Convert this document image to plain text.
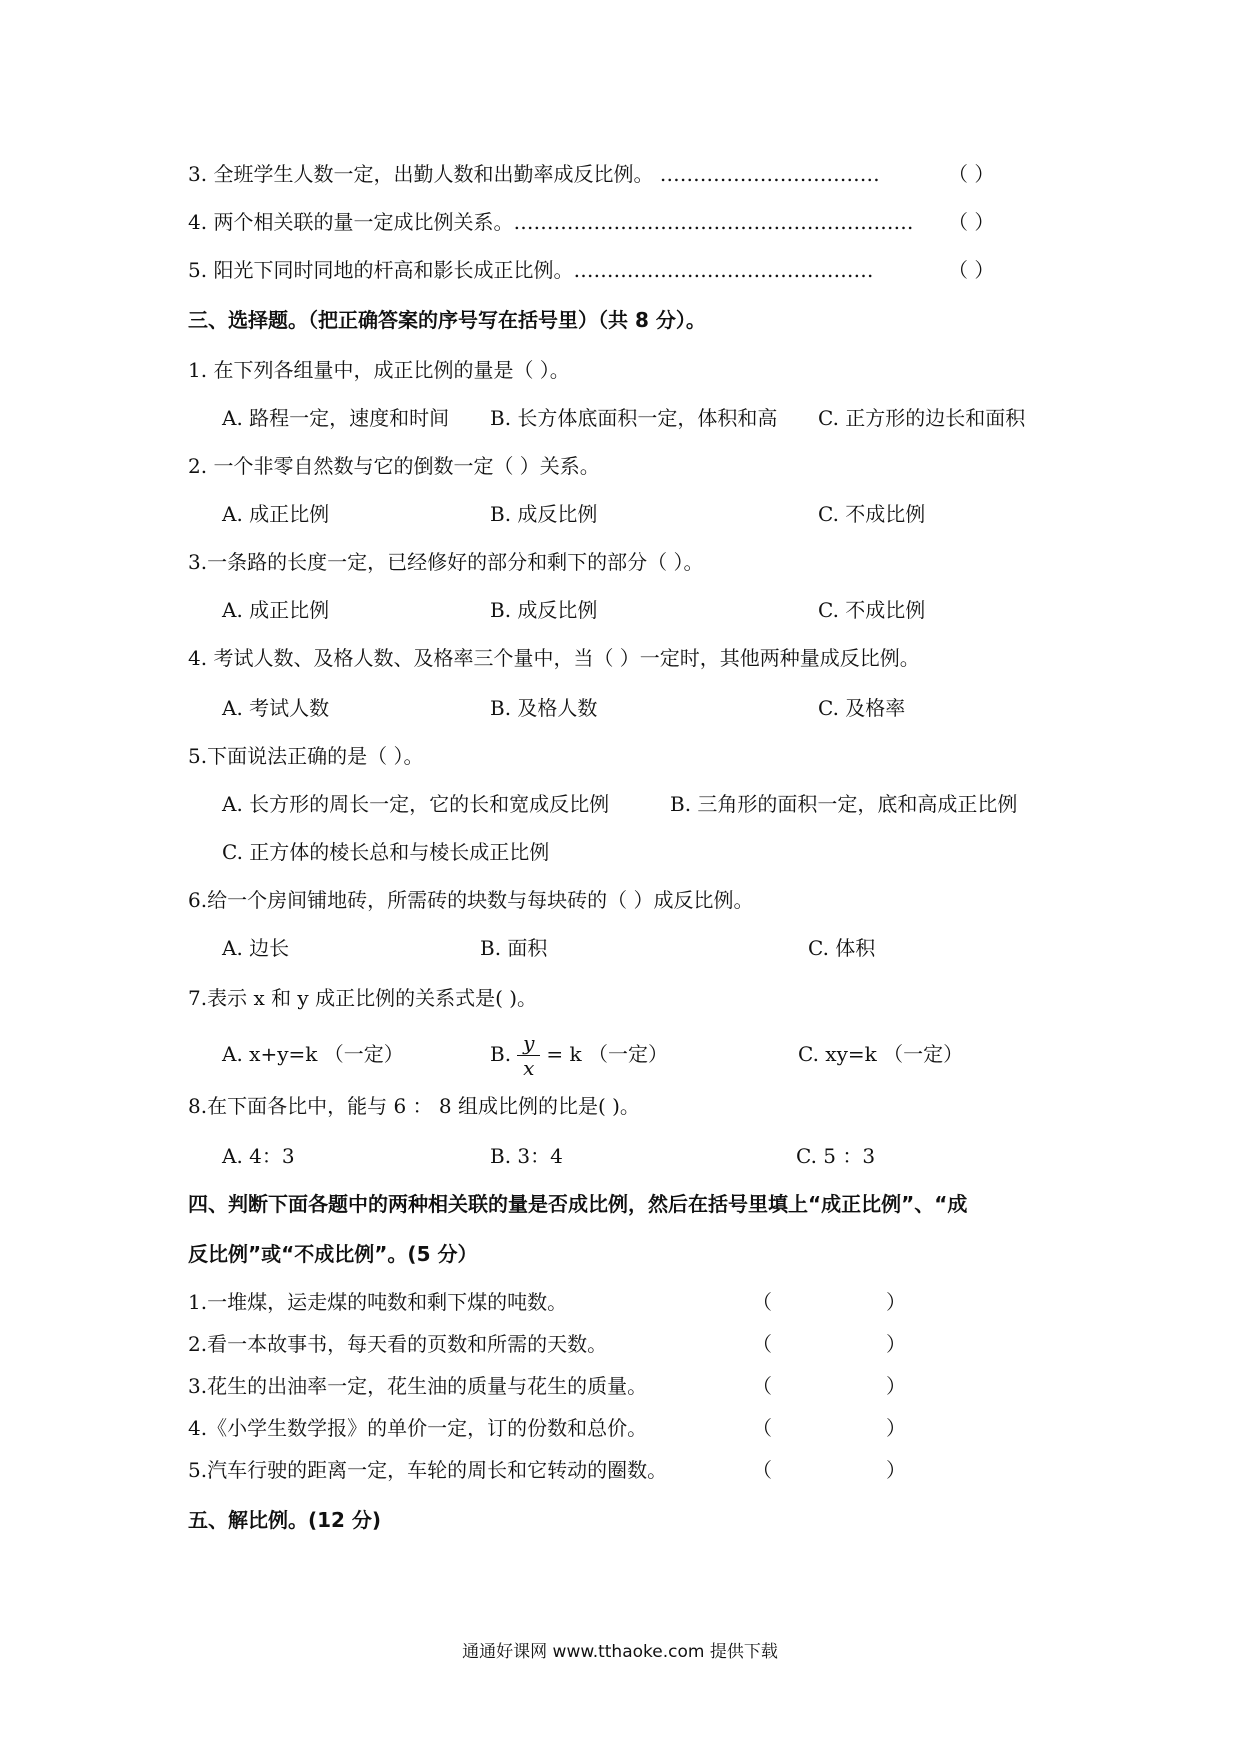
3. 全班学生人数一定，出勤人数和出勤率成反比例。 ……………………………	（ ）
4. 两个相关联的量一定成比例关系。…………………………………………………… （ ）
5. 阳光下同时同地的杆高和影长成正比例。………………………………………	（ ）
三、选择题。（把正确答案的序号写在括号里）（共 8 分）。
1. 在下列各组量中，成正比例的量是（ ）。
A. 路程一定，速度和时间 B. 长方体底面积一定，体积和高 C. 正方形的边长和面积
2. 一个非零自然数与它的倒数一定（ ）关系。
A. 成正比例	B. 成反比例	C. 不成比例
3.一条路的长度一定，已经修好的部分和剩下的部分（ ）。
A. 成正比例	B. 成反比例	C. 不成比例
4. 考试人数、及格人数、及格率三个量中，当（ ）一定时，其他两种量成反比例。
A. 考试人数	B. 及格人数	C. 及格率
5.下面说法正确的是（ ）。
A. 长方形的周长一定，它的长和宽成反比例	B. 三角形的面积一定，底和高成正比例
C. 正方体的棱长总和与棱长成正比例
6.给一个房间铺地砖，所需砖的块数与每块砖的（ ）成反比例。
A. 边长	B. 面积	C. 体积
7.表示 x 和 y 成正比例的关系式是( )。
A. x+y=k （一定）	B. $\frac{y}{x} = k$ （一定）	C. xy=k （一定）
8.在下面各比中，能与 6 ： 8 组成比例的比是( )。
A. 4：3	B. 3：4	C. 5 ：3
四、判断下面各题中的两种相关联的量是否成比例，然后在括号里填上“成正比例”、“成
反比例”或“不成比例”。(5 分）
1.一堆煤，运走煤的吨数和剩下煤的吨数。	（	）
2.看一本故事书，每天看的页数和所需的天数。	（	）
3.花生的出油率一定，花生油的质量与花生的质量。	（	）
4.《小学生数学报》的单价一定，订的份数和总价。	（	）
5.汽车行驶的距离一定，车轮的周长和它转动的圈数。	（	）
五、解比例。(12 分)
通通好课网 www.tthaoke.com 提供下载
